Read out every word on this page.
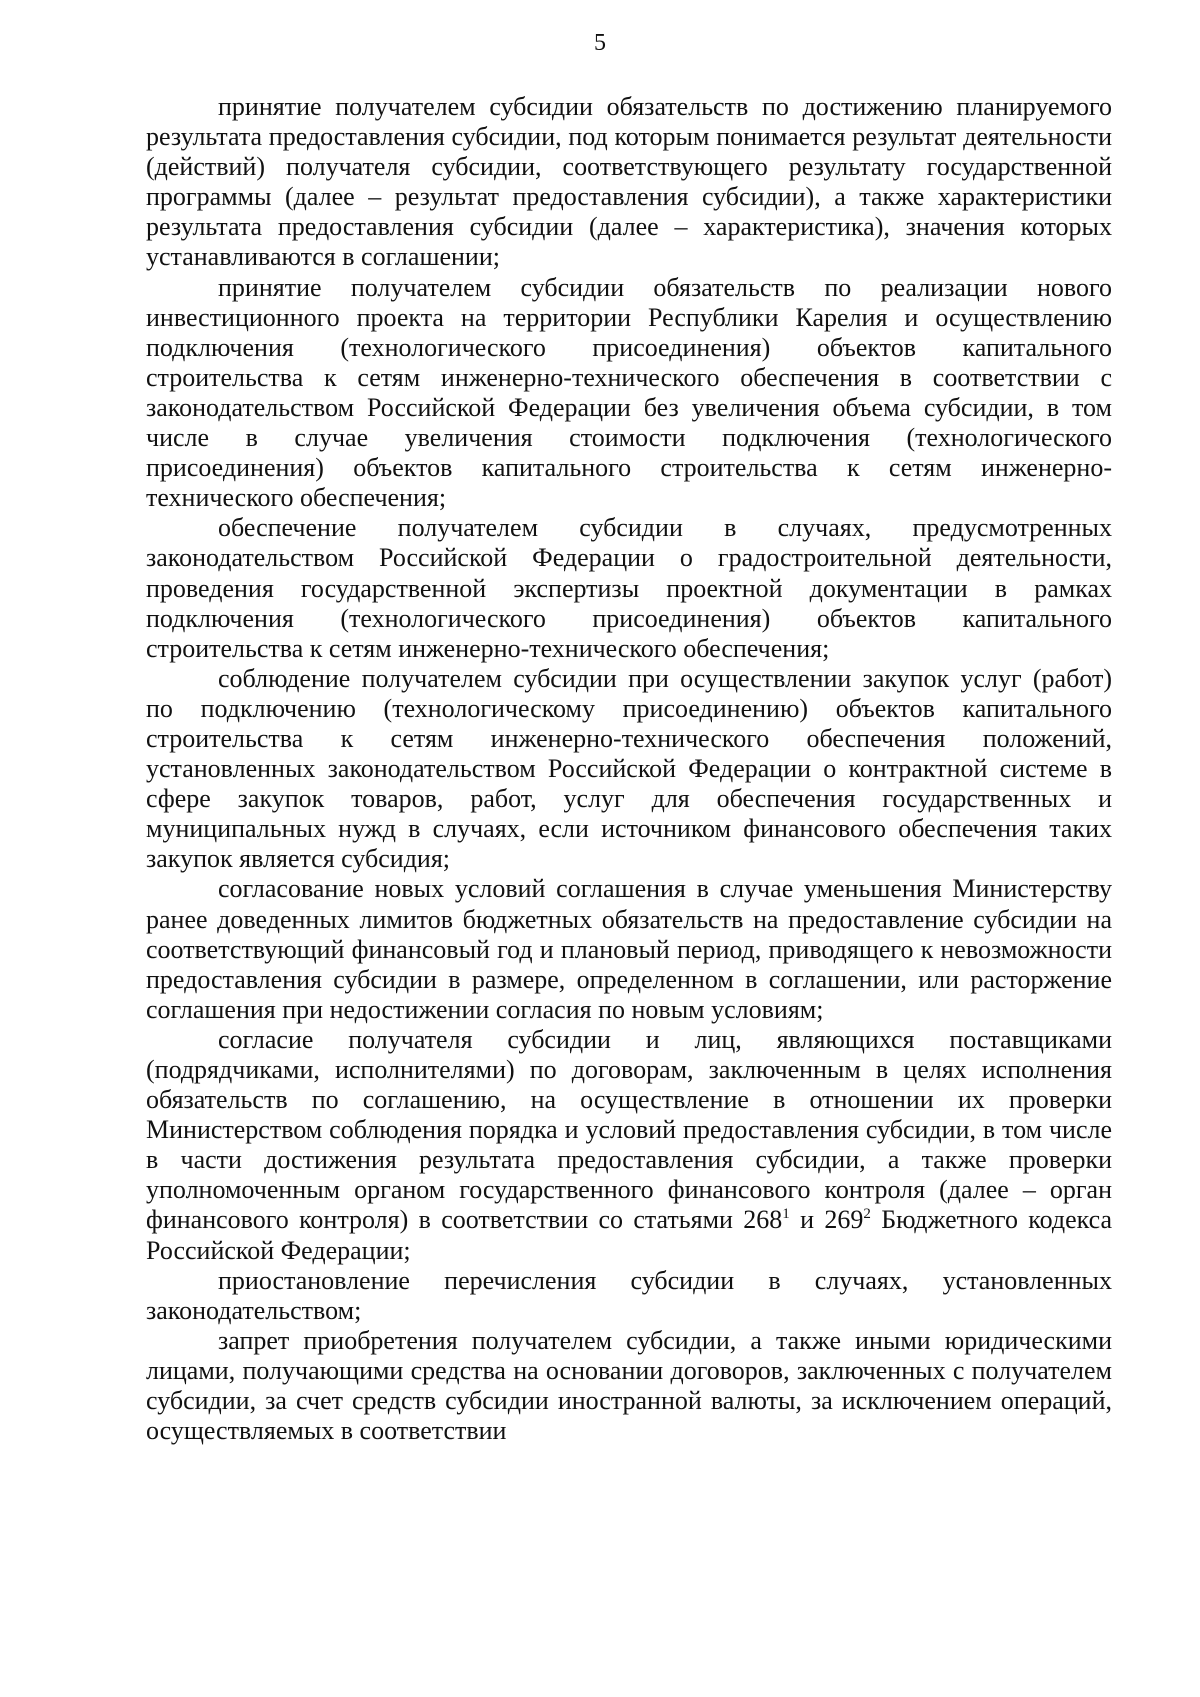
5

принятие получателем субсидии обязательств по достижению планируемого результата предоставления субсидии, под которым понимается результат деятельности (действий) получателя субсидии, соответствующего результату государственной программы (далее – результат предоставления субсидии), а также характеристики результата предоставления субсидии (далее – характеристика), значения которых устанавливаются в соглашении;

принятие получателем субсидии обязательств по реализации нового инвестиционного проекта на территории Республики Карелия и осуществлению подключения (технологического присоединения) объектов капитального строительства к сетям инженерно-технического обеспечения в соответствии с законодательством Российской Федерации без увеличения объема субсидии, в том числе в случае увеличения стоимости подключения (технологического присоединения) объектов капитального строительства к сетям инженерно-технического обеспечения;

обеспечение получателем субсидии в случаях, предусмотренных законодательством Российской Федерации о градостроительной деятельности, проведения государственной экспертизы проектной документации в рамках подключения (технологического присоединения) объектов капитального строительства к сетям инженерно-технического обеспечения;

соблюдение получателем субсидии при осуществлении закупок услуг (работ) по подключению (технологическому присоединению) объектов капитального строительства к сетям инженерно-технического обеспечения положений, установленных законодательством Российской Федерации о контрактной системе в сфере закупок товаров, работ, услуг для обеспечения государственных и муниципальных нужд в случаях, если источником финансового обеспечения таких закупок является субсидия;

согласование новых условий соглашения в случае уменьшения Министерству ранее доведенных лимитов бюджетных обязательств на предоставление субсидии на соответствующий финансовый год и плановый период, приводящего к невозможности предоставления субсидии в размере, определенном в соглашении, или расторжение соглашения при недостижении согласия по новым условиям;

согласие получателя субсидии и лиц, являющихся поставщиками (подрядчиками, исполнителями) по договорам, заключенным в целях исполнения обязательств по соглашению, на осуществление в отношении их проверки Министерством соблюдения порядка и условий предоставления субсидии, в том числе в части достижения результата предоставления субсидии, а также проверки уполномоченным органом государственного финансового контроля (далее – орган финансового контроля) в соответствии со статьями $268^1$ и $269^2$ Бюджетного кодекса Российской Федерации;

приостановление перечисления субсидии в случаях, установленных законодательством;

запрет приобретения получателем субсидии, а также иными юридическими лицами, получающими средства на основании договоров, заключенных с получателем субсидии, за счет средств субсидии иностранной валюты, за исключением операций, осуществляемых в соответствии
